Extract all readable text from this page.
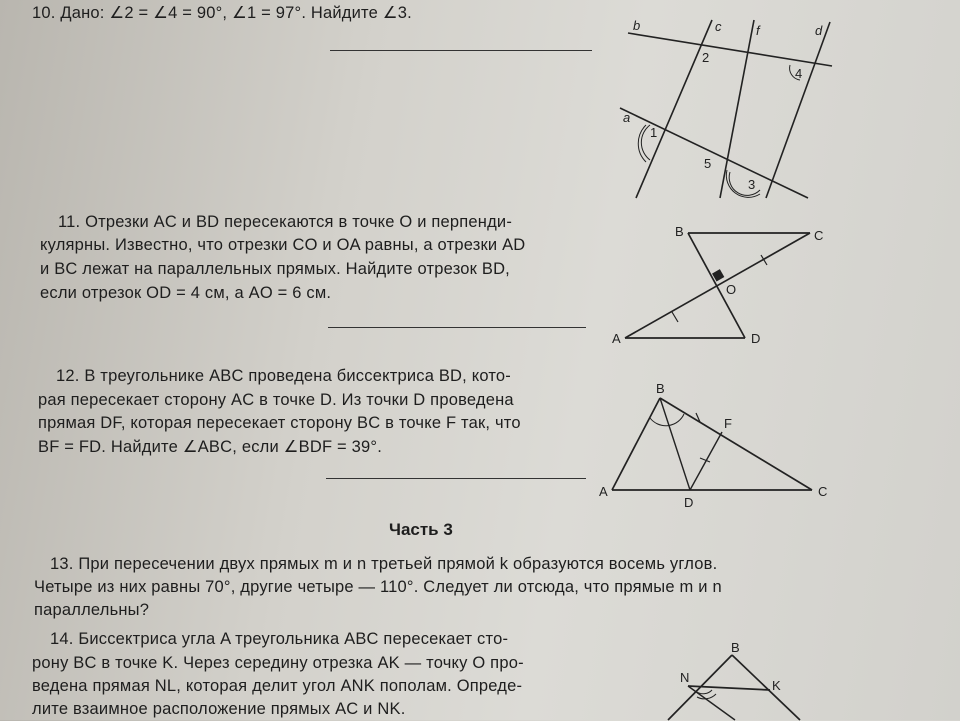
10. Дано: ∠2 = ∠4 = 90°, ∠1 = 97°. Найдите ∠3.
b	c	f	d
a
1
2
3
4
5
11. Отрезки AC и BD пересекаются в точке O и перпенди-
кулярны. Известно, что отрезки CO и OA равны, а отрезки AD
и BC лежат на параллельных прямых. Найдите отрезок BD,
если отрезок OD = 4 см, а AO = 6 см.
B	C
O
A	D
12. В треугольнике ABC проведена биссектриса BD, кото-
рая пересекает сторону AC в точке D. Из точки D проведена
прямая DF, которая пересекает сторону BC в точке F так, что
BF = FD. Найдите ∠ABC, если ∠BDF = 39°.
B
F
A
D
C
Часть 3
13. При пересечении двух прямых m и n третьей прямой k образуются восемь углов.
Четыре из них равны 70°, другие четыре — 110°. Следует ли отсюда, что прямые m и n
параллельны?
14. Биссектриса угла A треугольника ABC пересекает сто-
рону BC в точке K. Через середину отрезка AK — точку O про-
ведена прямая NL, которая делит угол ANK пополам. Опреде-
лите взаимное расположение прямых AC и NK.
B
N
K
